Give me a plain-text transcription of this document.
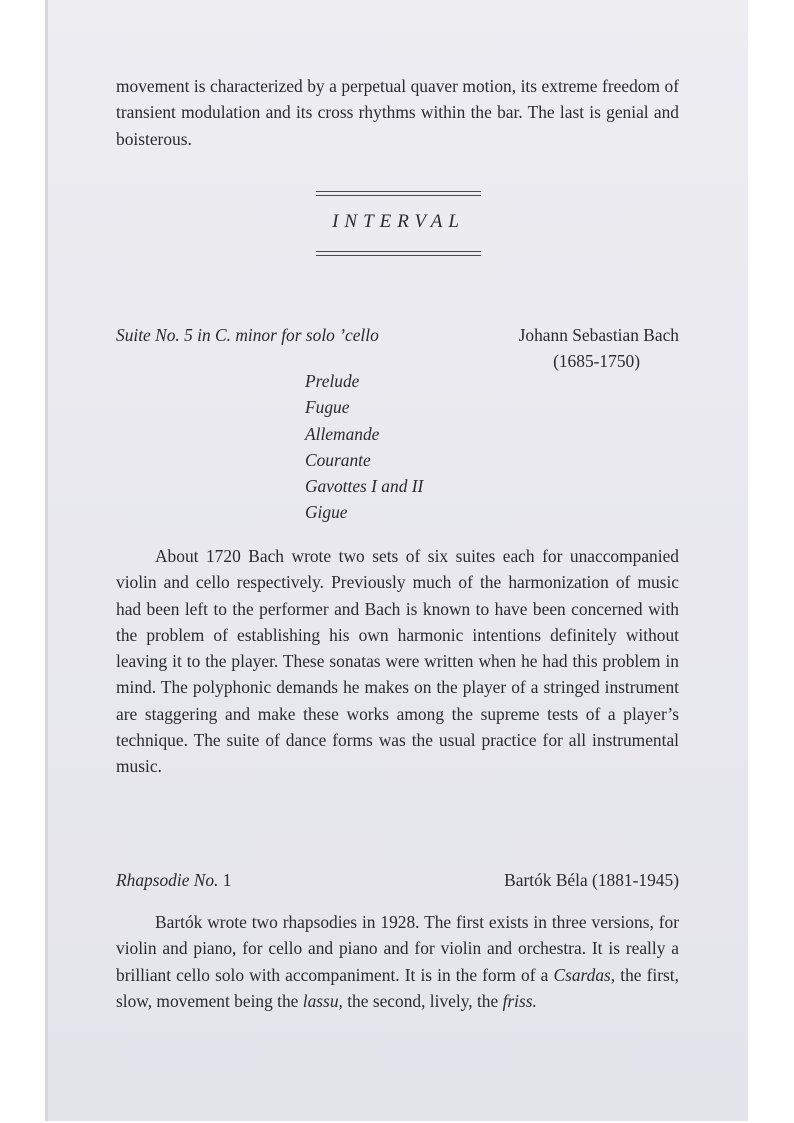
movement is characterized by a perpetual quaver motion, its extreme freedom of transient modulation and its cross rhythms within the bar. The last is genial and boisterous.

INTERVAL
Suite No. 5 in C. minor for solo ’cello	Johann Sebastian Bach
(1685-1750)
Prelude
Fugue
Allemande
Courante
Gavottes I and II
Gigue

About 1720 Bach wrote two sets of six suites each for unaccompanied violin and cello respectively. Previously much of the harmonization of music had been left to the performer and Bach is known to have been concerned with the problem of establishing his own harmonic intentions definitely without leaving it to the player. These sonatas were written when he had this problem in mind. The polyphonic demands he makes on the player of a stringed instrument are staggering and make these works among the supreme tests of a player’s technique. The suite of dance forms was the usual practice for all instrumental music.

Rhapsodie No. 1	Bartók Béla (1881-1945)

Bartók wrote two rhapsodies in 1928. The first exists in three versions, for violin and piano, for cello and piano and for violin and orchestra. It is really a brilliant cello solo with accompaniment. It is in the form of a Csardas, the first, slow, movement being the lassu, the second, lively, the friss.
